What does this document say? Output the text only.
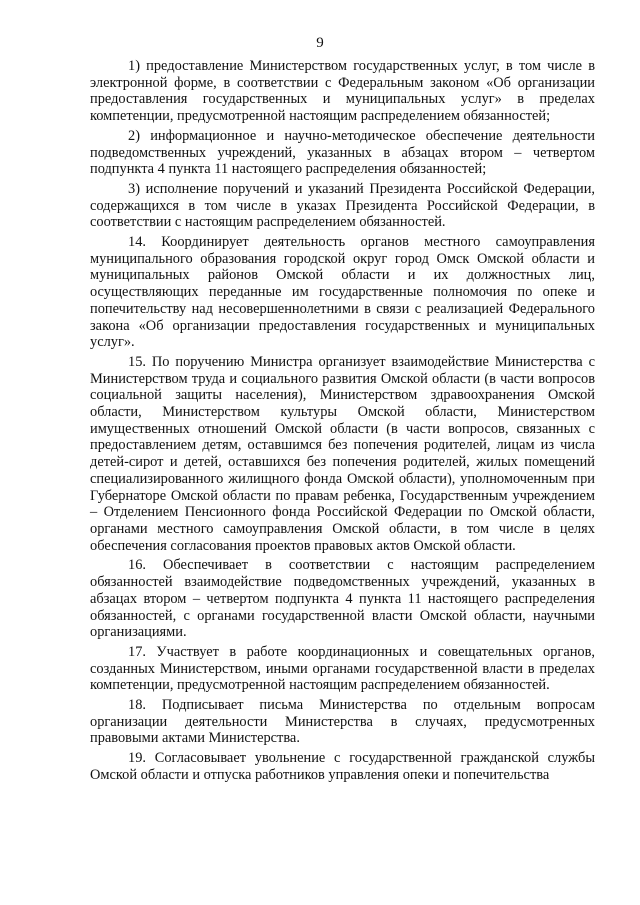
9

1) предоставление Министерством государственных услуг, в том числе в электронной форме, в соответствии с Федеральным законом «Об организации предоставления государственных и муниципальных услуг» в пределах компетенции, предусмотренной настоящим распределением обязанностей;

2) информационное и научно-методическое обеспечение деятельности подведомственных учреждений, указанных в абзацах втором – четвертом подпункта 4 пункта 11 настоящего распределения обязанностей;

3) исполнение поручений и указаний Президента Российской Федерации, содержащихся в том числе в указах Президента Российской Федерации, в соответствии с настоящим распределением обязанностей.

14. Координирует деятельность органов местного самоуправления муниципального образования городской округ город Омск Омской области и муниципальных районов Омской области и их должностных лиц, осуществляющих переданные им государственные полномочия по опеке и попечительству над несовершеннолетними в связи с реализацией Федерального закона «Об организации предоставления государственных и муниципальных услуг».

15. По поручению Министра организует взаимодействие Министерства с Министерством труда и социального развития Омской области (в части вопросов социальной защиты населения), Министерством здравоохранения Омской области, Министерством культуры Омской области, Министерством имущественных отношений Омской области (в части вопросов, связанных с предоставлением детям, оставшимся без попечения родителей, лицам из числа детей-сирот и детей, оставшихся без попечения родителей, жилых помещений специализированного жилищного фонда Омской области), уполномоченным при Губернаторе Омской области по правам ребенка, Государственным учреждением – Отделением Пенсионного фонда Российской Федерации по Омской области, органами местного самоуправления Омской области, в том числе в целях обеспечения согласования проектов правовых актов Омской области.

16. Обеспечивает в соответствии с настоящим распределением обязанностей взаимодействие подведомственных учреждений, указанных в абзацах втором – четвертом подпункта 4 пункта 11 настоящего распределения обязанностей, с органами государственной власти Омской области, научными организациями.

17. Участвует в работе координационных и совещательных органов, созданных Министерством, иными органами государственной власти в пределах компетенции, предусмотренной настоящим распределением обязанностей.

18. Подписывает письма Министерства по отдельным вопросам организации деятельности Министерства в случаях, предусмотренных правовыми актами Министерства.

19. Согласовывает увольнение с государственной гражданской службы Омской области и отпуска работников управления опеки и попечительства
